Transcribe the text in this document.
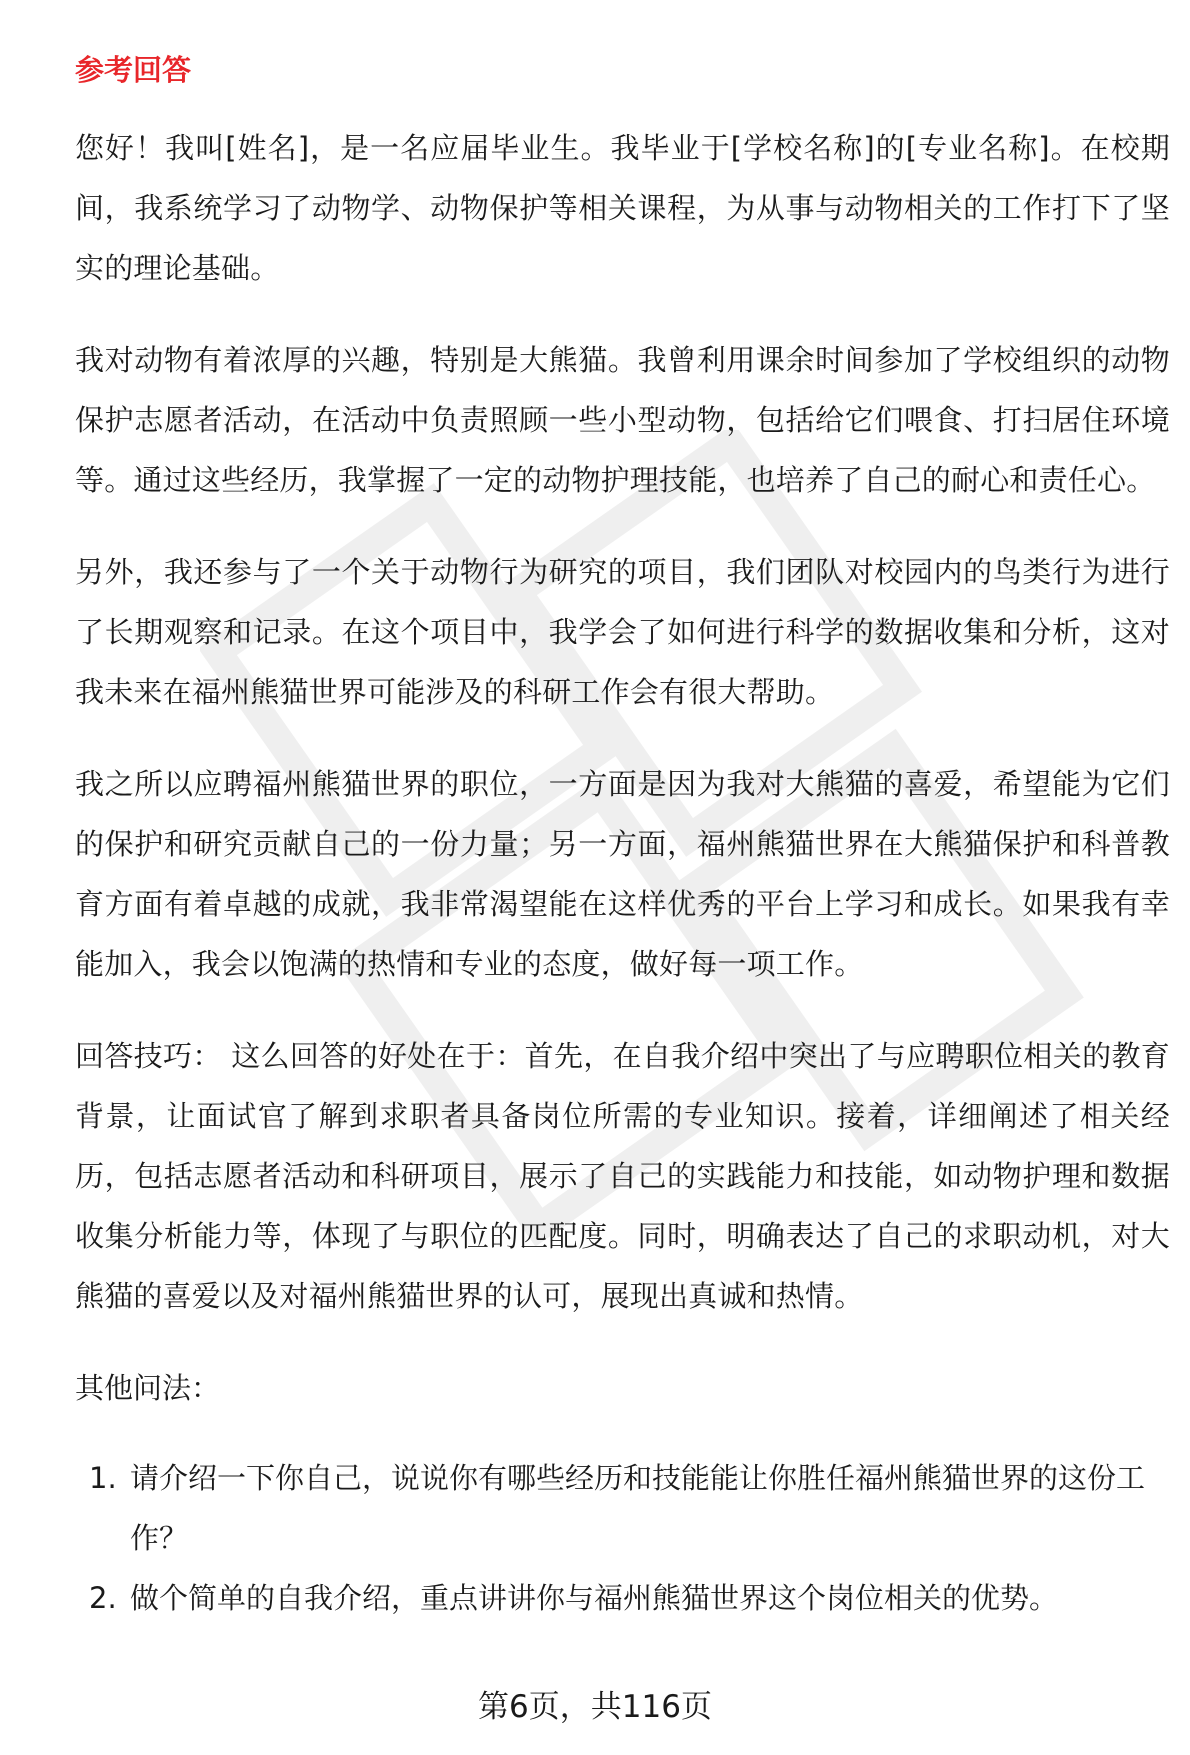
参考回答

您好！我叫[姓名]，是一名应届毕业生。我毕业于[学校名称]的[专业名称]。在校期间，我系统学习了动物学、动物保护等相关课程，为从事与动物相关的工作打下了坚实的理论基础。

我对动物有着浓厚的兴趣，特别是大熊猫。我曾利用课余时间参加了学校组织的动物保护志愿者活动，在活动中负责照顾一些小型动物，包括给它们喂食、打扫居住环境等。通过这些经历，我掌握了一定的动物护理技能，也培养了自己的耐心和责任心。

另外，我还参与了一个关于动物行为研究的项目，我们团队对校园内的鸟类行为进行了长期观察和记录。在这个项目中，我学会了如何进行科学的数据收集和分析，这对我未来在福州熊猫世界可能涉及的科研工作会有很大帮助。

我之所以应聘福州熊猫世界的职位，一方面是因为我对大熊猫的喜爱，希望能为它们的保护和研究贡献自己的一份力量；另一方面，福州熊猫世界在大熊猫保护和科普教育方面有着卓越的成就，我非常渴望能在这样优秀的平台上学习和成长。如果我有幸能加入，我会以饱满的热情和专业的态度，做好每一项工作。

回答技巧： 这么回答的好处在于：首先，在自我介绍中突出了与应聘职位相关的教育背景，让面试官了解到求职者具备岗位所需的专业知识。接着，详细阐述了相关经历，包括志愿者活动和科研项目，展示了自己的实践能力和技能，如动物护理和数据收集分析能力等，体现了与职位的匹配度。同时，明确表达了自己的求职动机，对大熊猫的喜爱以及对福州熊猫世界的认可，展现出真诚和热情。

其他问法：
1. 请介绍一下你自己，说说你有哪些经历和技能能让你胜任福州熊猫世界的这份工作？
2. 做个简单的自我介绍，重点讲讲你与福州熊猫世界这个岗位相关的优势。
第6页，共116页
